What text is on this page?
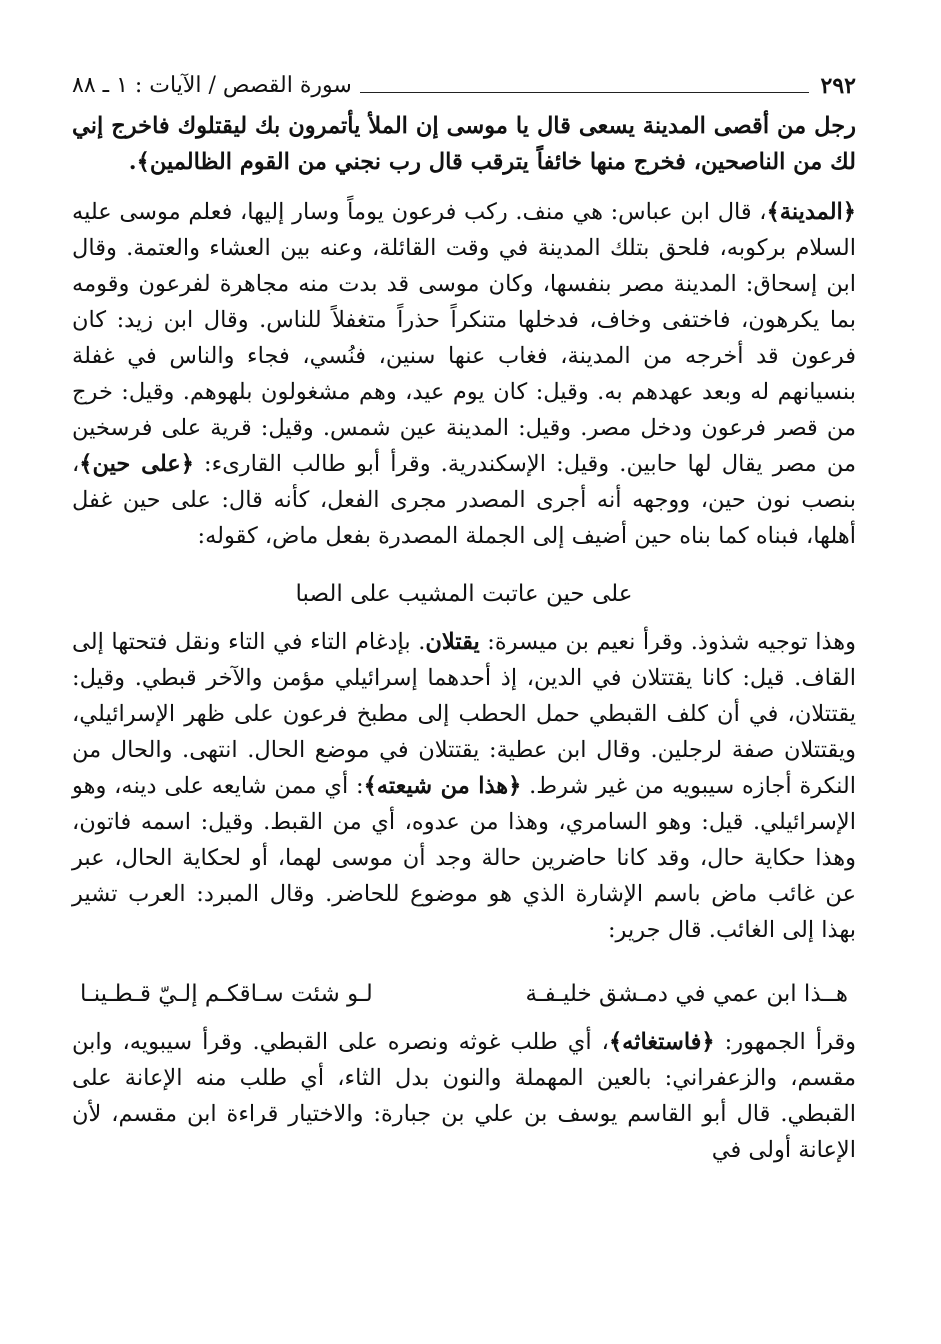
٢٩٢
سورة القصص / الآيات : ١ ـ ٨٨

رجل من أقصى المدينة يسعى قال يا موسى إن الملأ يأتمرون بك ليقتلوك فاخرج إني لك من الناصحين، فخرج منها خائفاً يترقب قال رب نجني من القوم الظالمين﴾.

﴿المدينة﴾، قال ابن عباس: هي منف. ركب فرعون يوماً وسار إليها، فعلم موسى عليه السلام بركوبه، فلحق بتلك المدينة في وقت القائلة، وعنه بين العشاء والعتمة. وقال ابن إسحاق: المدينة مصر بنفسها، وكان موسى قد بدت منه مجاهرة لفرعون وقومه بما يكرهون، فاختفى وخاف، فدخلها متنكراً حذراً متغفلاً للناس. وقال ابن زيد: كان فرعون قد أخرجه من المدينة، فغاب عنها سنين، فنُسي، فجاء والناس في غفلة بنسيانهم له وبعد عهدهم به. وقيل: كان يوم عيد، وهم مشغولون بلهوهم. وقيل: خرج من قصر فرعون ودخل مصر. وقيل: المدينة عين شمس. وقيل: قرية على فرسخين من مصر يقال لها حابين. وقيل: الإسكندرية. وقرأ أبو طالب القارىء: ﴿على حين﴾، بنصب نون حين، ووجهه أنه أجرى المصدر مجرى الفعل، كأنه قال: على حين غفل أهلها، فبناه كما بناه حين أضيف إلى الجملة المصدرة بفعل ماض، كقوله:

على حين عاتبت المشيب على الصبا

وهذا توجيه شذوذ. وقرأ نعيم بن ميسرة: يقتلان. بإدغام التاء في التاء ونقل فتحتها إلى القاف. قيل: كانا يقتتلان في الدين، إذ أحدهما إسرائيلي مؤمن والآخر قبطي. وقيل: يقتتلان، في أن كلف القبطي حمل الحطب إلى مطبخ فرعون على ظهر الإسرائيلي، ويقتتلان صفة لرجلين. وقال ابن عطية: يقتتلان في موضع الحال. انتهى. والحال من النكرة أجازه سيبويه من غير شرط. ﴿هذا من شيعته﴾: أي ممن شايعه على دينه، وهو الإسرائيلي. قيل: وهو السامري، وهذا من عدوه، أي من القبط. وقيل: اسمه فاتون، وهذا حكاية حال، وقد كانا حاضرين حالة وجد أن موسى لهما، أو لحكاية الحال، عبر عن غائب ماض باسم الإشارة الذي هو موضوع للحاضر. وقال المبرد: العرب تشير بهذا إلى الغائب. قال جرير:

هــذا ابن عمي في دمـشق خليـفـة
لـو شئت سـاقكـم إلـيّ قـطـينـا

وقرأ الجمهور: ﴿فاستغاثه﴾، أي طلب غوثه ونصره على القبطي. وقرأ سيبويه، وابن مقسم، والزعفراني: بالعين المهملة والنون بدل الثاء، أي طلب منه الإعانة على القبطي. قال أبو القاسم يوسف بن علي بن جبارة: والاختيار قراءة ابن مقسم، لأن الإعانة أولى في
